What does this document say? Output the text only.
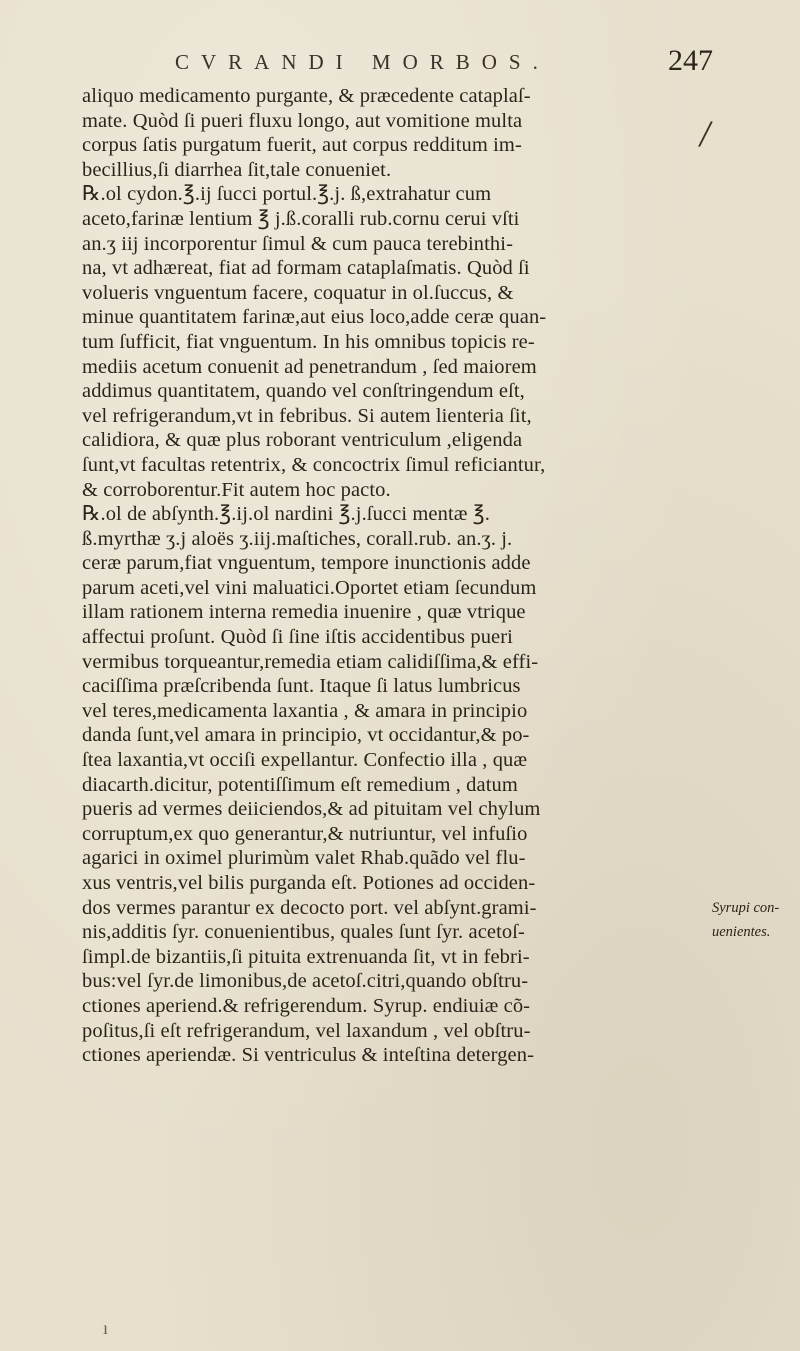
CVRANDI MORBOS.	247
/
aliquo medicamento purgante, & præcedente cataplaſ-
mate. Quòd ſi pueri fluxu longo, aut vomitione multa
corpus ſatis purgatum fuerit, aut corpus redditum im-
becillius,ſi diarrhea ſit,tale conueniet.
℞.ol cydon.℥.ij ſucci portul.℥.j. ß,extrahatur cum
aceto,farinæ lentium ℥ j.ß.coralli rub.cornu cerui vſti
an.ʒ iij incorporentur ſimul & cum pauca terebinthi-
na, vt adhæreat, fiat ad formam cataplaſmatis. Quòd ſi
volueris vnguentum facere, coquatur in ol.ſuccus, &
minue quantitatem farinæ,aut eius loco,adde ceræ quan-
tum ſufficit, fiat vnguentum. In his omnibus topicis re-
mediis acetum conuenit ad penetrandum , ſed maiorem
addimus quantitatem, quando vel conſtringendum eſt,
vel refrigerandum,vt in febribus. Si autem lienteria ſit,
calidiora, & quæ plus roborant ventriculum ,eligenda
ſunt,vt facultas retentrix, & concoctrix ſimul reficiantur,
& corroborentur.Fit autem hoc pacto.
℞.ol de abſynth.℥.ij.ol nardini ℥.j.ſucci mentæ ℥.
ß.myrthæ ʒ.j aloës ʒ.iij.maſtiches, corall.rub. an.ʒ. j.
ceræ parum,fiat vnguentum, tempore inunctionis adde
parum aceti,vel vini maluatici.Oportet etiam ſecundum
illam rationem interna remedia inuenire , quæ vtrique
affectui proſunt. Quòd ſi ſine iſtis accidentibus pueri
vermibus torqueantur,remedia etiam calidiſſima,& effi-
caciſſima præſcribenda ſunt. Itaque ſi latus lumbricus
vel teres,medicamenta laxantia , & amara in principio
danda ſunt,vel amara in principio, vt occidantur,& po-
ſtea laxantia,vt occiſi expellantur. Confectio illa , quæ
diacarth.dicitur, potentiſſimum eſt remedium , datum
pueris ad vermes deiiciendos,& ad pituitam vel chylum
corruptum,ex quo generantur,& nutriuntur, vel infuſio
agarici in oximel plurimùm valet Rhab.quãdo vel flu-
xus ventris,vel bilis purganda eſt. Potiones ad occiden-
dos vermes parantur ex decocto port. vel abſynt.grami-
nis,additis ſyr. conuenientibus, quales ſunt ſyr. acetoſ-
ſimpl.de bizantiis,ſi pituita extrenuanda ſit, vt in febri-
bus:vel ſyr.de limonibus,de acetoſ.citri,quando obſtru-
ctiones aperiend.& refrigerendum. Syrup. endiuiæ cõ-
poſitus,ſi eſt refrigerandum, vel laxandum , vel obſtru-
ctiones aperiendæ. Si ventriculus & inteſtina detergen-
Syrupi con-
uenientes.
ı
